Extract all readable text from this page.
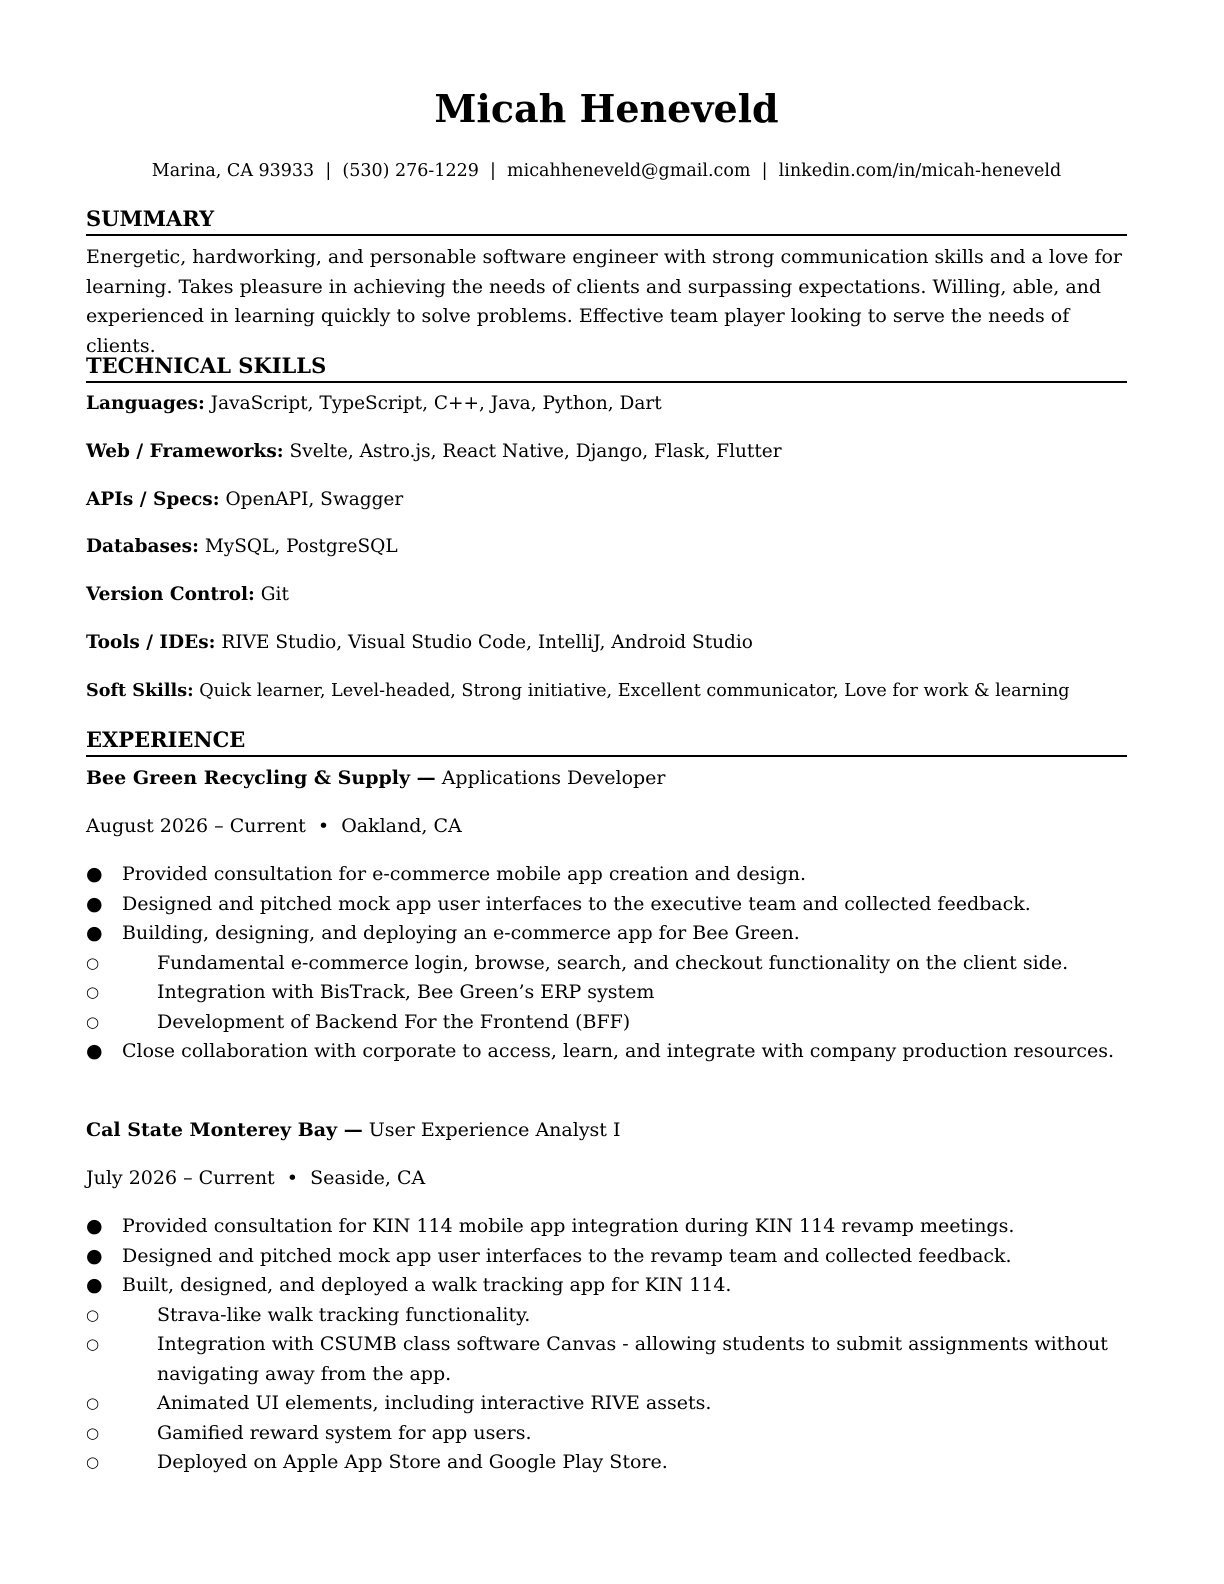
Micah Heneveld
Marina, CA 93933 | (530) 276-1229 | micahheneveld@gmail.com | linkedin.com/in/micah-heneveld
SUMMARY
Energetic, hardworking, and personable software engineer with strong communication skills and a love for learning. Takes pleasure in achieving the needs of clients and surpassing expectations. Willing, able, and experienced in learning quickly to solve problems. Effective team player looking to serve the needs of clients.
TECHNICAL SKILLS
Languages: JavaScript, TypeScript, C++, Java, Python, Dart
Web / Frameworks: Svelte, Astro.js, React Native, Django, Flask, Flutter
APIs / Specs: OpenAPI, Swagger
Databases: MySQL, PostgreSQL
Version Control: Git
Tools / IDEs: RIVE Studio, Visual Studio Code, IntelliJ, Android Studio
Soft Skills: Quick learner, Level-headed, Strong initiative, Excellent communicator, Love for work & learning
EXPERIENCE
Bee Green Recycling & Supply — Applications Developer
August 2026 – Current • Oakland, CA
●	Provided consultation for e-commerce mobile app creation and design.
●	Designed and pitched mock app user interfaces to the executive team and collected feedback.
●	Building, designing, and deploying an e-commerce app for Bee Green.
○	Fundamental e-commerce login, browse, search, and checkout functionality on the client side.
○	Integration with BisTrack, Bee Green’s ERP system
○	Development of Backend For the Frontend (BFF)
●	Close collaboration with corporate to access, learn, and integrate with company production resources.
Cal State Monterey Bay — User Experience Analyst I
July 2026 – Current • Seaside, CA
●	Provided consultation for KIN 114 mobile app integration during KIN 114 revamp meetings.
●	Designed and pitched mock app user interfaces to the revamp team and collected feedback.
●	Built, designed, and deployed a walk tracking app for KIN 114.
○	Strava-like walk tracking functionality.
○	Integration with CSUMB class software Canvas - allowing students to submit assignments without navigating away from the app.
○	Animated UI elements, including interactive RIVE assets.
○	Gamified reward system for app users.
○	Deployed on Apple App Store and Google Play Store.
